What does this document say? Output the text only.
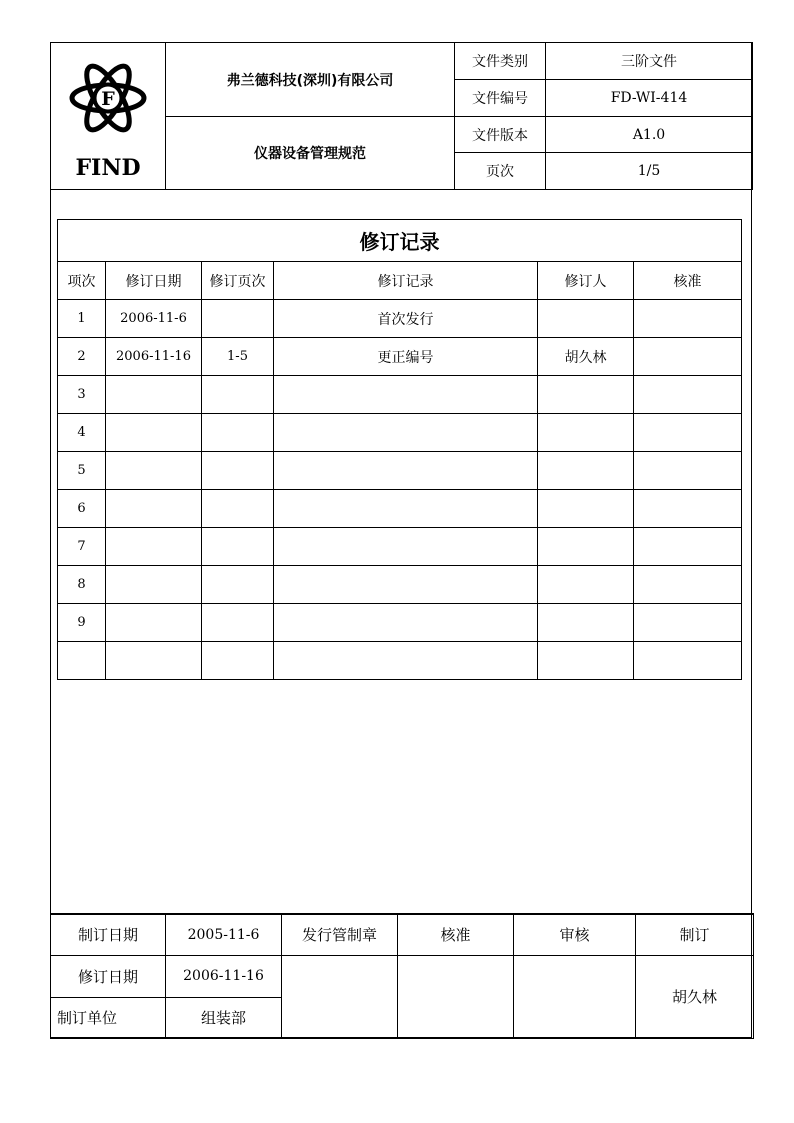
F
FIND	弗兰德科技(深圳)有限公司	文件类别	三阶文件
		文件编号	FD-WI-414
	仪器设备管理规范	文件版本	A1.0
		页次	1/5
修订记录					
项次	修订日期	修订页次	修订记录	修订人	核准
1	2006-11-6		首次发行		
2	2006-11-16	1-5	更正编号	胡久林	
3					
4					
5					
6					
7					
8					
9					

制订日期	2005-11-6	发行管制章	核准	审核	制订
修订日期	2006-11-16				胡久林
制订单位	组装部				
